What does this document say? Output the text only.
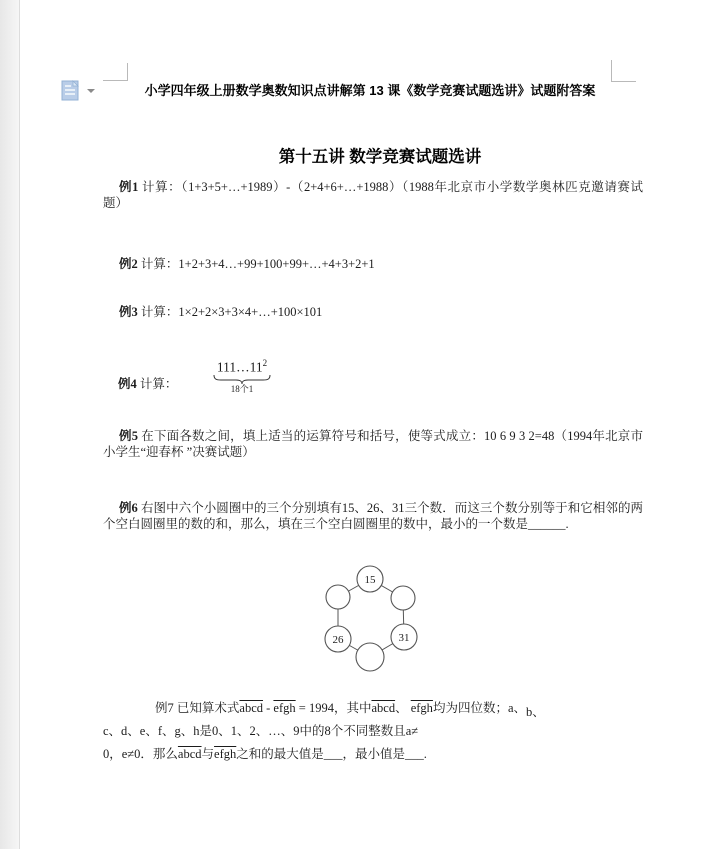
小学四年级上册数学奥数知识点讲解第 13 课《数学竞赛试题选讲》试题附答案
第十五讲 数学竞赛试题选讲
例1 计算：（1+3+5+…+1989）-（2+4+6+…+1988）（1988年北京市小学数学奥林匹克邀请赛试题）
例2 计算：1+2+3+4…+99+100+99+…+4+3+2+1
例3 计算：1×2+2×3+3×4+…+100×101
例4 计算：
$111\dots 11^2$
18个1
例5 在下面各数之间，填上适当的运算符号和括号，使等式成立：10 6 9 3 2=48（1994年北京市小学生“迎春杯 ”决赛试题）
例6 右图中六个小圆圈中的三个分别填有15、26、31三个数．而这三个数分别等于和它相邻的两个空白圆圈里的数的和，那么，填在三个空白圆圈里的数中，最小的一个数是______.
15
26	31
例7 已知算术式abcd - efgh = 1994，其中abcd、 efgh均为四位数；a、b、
c、d、e、f、g、h是0、1、2、…、9中的8个不同整数且a≠
0，e≠0．那么abcd与efgh之和的最大值是___，最小值是___.
